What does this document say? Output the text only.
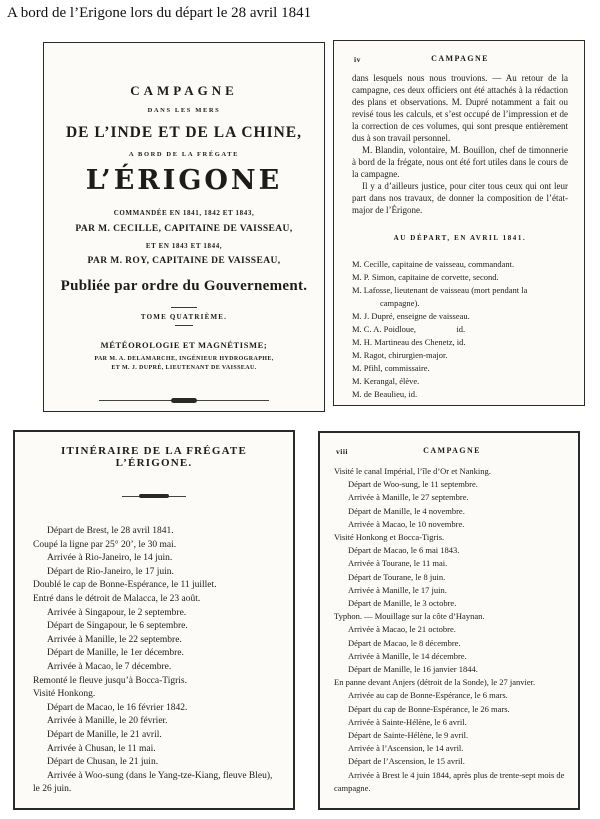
A bord de l’Erigone lors du départ le 28 avril 1841
CAMPAGNE
DANS LES MERS
DE L’INDE ET DE LA CHINE,
A BORD DE LA FRÉGATE
L’ÉRIGONE
COMMANDÉE EN 1841, 1842 ET 1843,
PAR M. CECILLE, CAPITAINE DE VAISSEAU,
ET EN 1843 ET 1844,
PAR M. ROY, CAPITAINE DE VAISSEAU,
Publiée par ordre du Gouvernement.
TOME QUATRIÈME.
MÉTÉOROLOGIE ET MAGNÉTISME;
PAR M. A. DELAMARCHE, INGÉNIEUR HYDROGRAPHE,
ET M. J. DUPRÉ, LIEUTENANT DE VAISSEAU.
iv	CAMPAGNE

dans lesquels nous nous trouvions. — Au retour de la campagne, ces deux officiers ont été attachés à la rédaction des plans et observations. M. Dupré notamment a fait ou revisé tous les calculs, et s’est occupé de l’impression et de la correction de ces volumes, qui sont presque entièrement dus à son travail personnel.

M. Blandin, volontaire, M. Bouillon, chef de timonnerie à bord de la frégate, nous ont été fort utiles dans le cours de la campagne.

Il y a d’ailleurs justice, pour citer tous ceux qui ont leur part dans nos travaux, de donner la composition de l’état-major de l’Érigone.

AU DÉPART, EN AVRIL 1841.
M. Cecille, capitaine de vaisseau, commandant.
M. P. Simon, capitaine de corvette, second.
M. Lafosse, lieutenant de vaisseau (mort pendant la campagne).
M. J. Dupré, enseigne de vaisseau.
M. C. A. Poidloue,                   id.
M. H. Martineau des Chenetz, id.
M. Ragot, chirurgien-major.
M. Pfihl, commissaire.
M. Kerangal, élève.
M. de Beaulieu, id.
ITINÉRAIRE DE LA FRÉGATE L’ÉRIGONE.
Départ de Brest, le 28 avril 1841.
Coupé la ligne par 25° 20’, le 30 mai.
Arrivée à Rio-Janeiro, le 14 juin.
Départ de Rio-Janeiro, le 17 juin.
Doublé le cap de Bonne-Espérance, le 11 juillet.
Entré dans le détroit de Malacca, le 23 août.
Arrivée à Singapour, le 2 septembre.
Départ de Singapour, le 6 septembre.
Arrivée à Manille, le 22 septembre.
Départ de Manille, le 1er décembre.
Arrivée à Macao, le 7 décembre.
Remonté le fleuve jusqu’à Bocca-Tigris.
Visité Honkong.
Départ de Macao, le 16 février 1842.
Arrivée à Manille, le 20 février.
Départ de Manille, le 21 avril.
Arrivée à Chusan, le 11 mai.
Départ de Chusan, le 21 juin.
Arrivée à Woo-sung (dans le Yang-tze-Kiang, fleuve Bleu), le 26 juin.
viii	CAMPAGNE
Visité le canal Impérial, l’île d’Or et Nanking.
Départ de Woo-sung, le 11 septembre.
Arrivée à Manille, le 27 septembre.
Départ de Manille, le 4 novembre.
Arrivée à Macao, le 10 novembre.
Visité Honkong et Bocca-Tigris.
Départ de Macao, le 6 mai 1843.
Arrivée à Tourane, le 11 mai.
Départ de Tourane, le 8 juin.
Arrivée à Manille, le 17 juin.
Départ de Manille, le 3 octobre.
Typhon. — Mouillage sur la côte d’Haynan.
Arrivée à Macao, le 21 octobre.
Départ de Macao, le 8 décembre.
Arrivée à Manille, le 14 décembre.
Départ de Manille, le 16 janvier 1844.
En panne devant Anjers (détroit de la Sonde), le 27 janvier.
Arrivée au cap de Bonne-Espérance, le 6 mars.
Départ du cap de Bonne-Espérance, le 26 mars.
Arrivée à Sainte-Hélène, le 6 avril.
Départ de Sainte-Hélène, le 9 avril.
Arrivée à l’Ascension, le 14 avril.
Départ de l’Ascension, le 15 avril.
Arrivée à Brest le 4 juin 1844, après plus de trente-sept mois de campagne.
